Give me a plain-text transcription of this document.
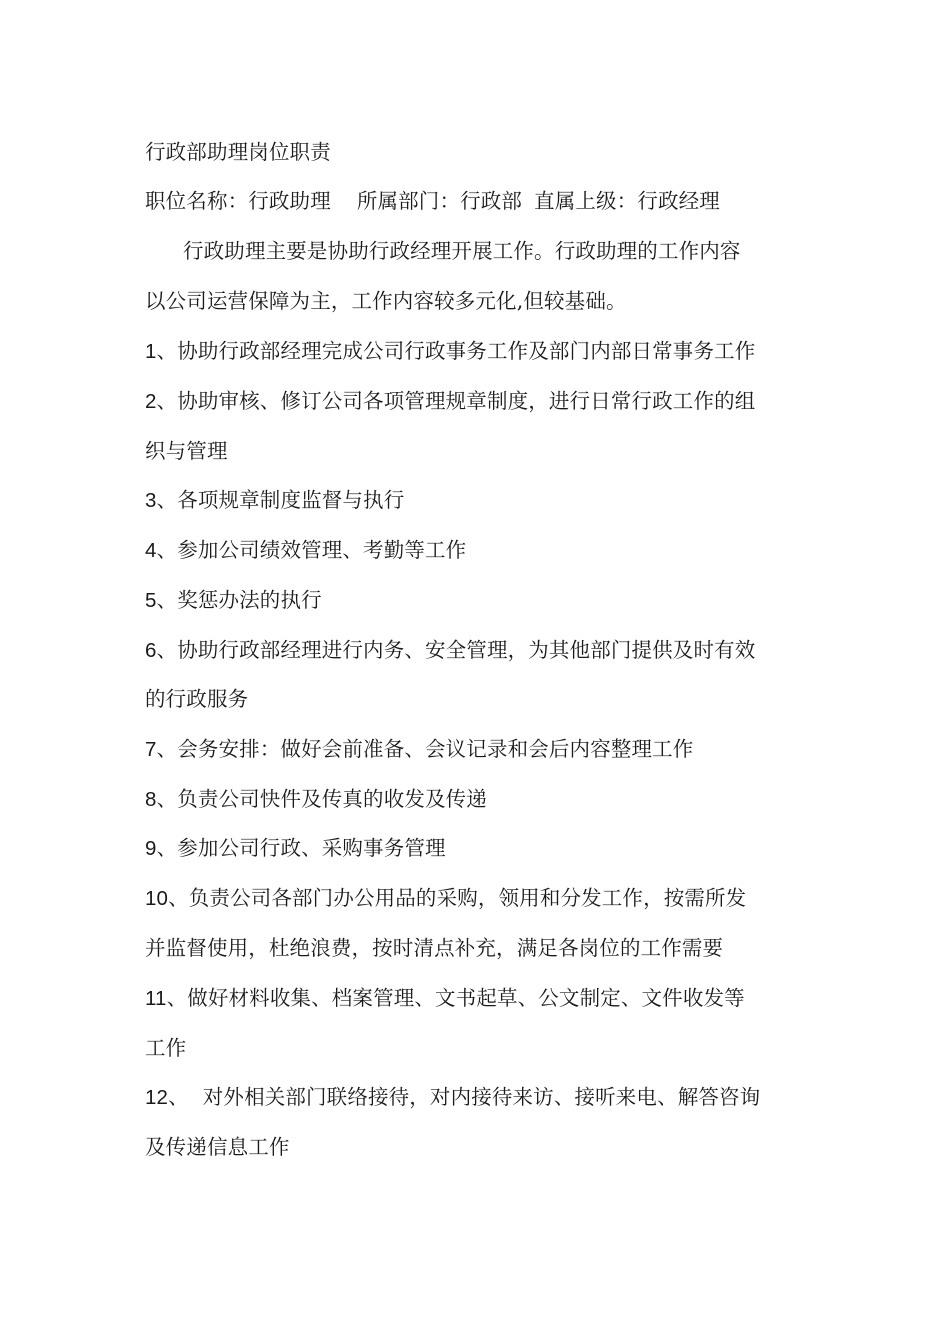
行政部助理岗位职责

职位名称：行政助理 所属部门：行政部 直属上级：行政经理

行政助理主要是协助行政经理开展工作。行政助理的工作内容

以公司运营保障为主，工作内容较多元化,但较基础。

1、协助行政部经理完成公司行政事务工作及部门内部日常事务工作

2、协助审核、修订公司各项管理规章制度，进行日常行政工作的组

织与管理

3、各项规章制度监督与执行

4、参加公司绩效管理、考勤等工作

5、奖惩办法的执行

6、协助行政部经理进行内务、安全管理，为其他部门提供及时有效

的行政服务

7、会务安排：做好会前准备、会议记录和会后内容整理工作

8、负责公司快件及传真的收发及传递

9、参加公司行政、采购事务管理

10、负责公司各部门办公用品的采购，领用和分发工作，按需所发

并监督使用，杜绝浪费，按时清点补充，满足各岗位的工作需要

11、做好材料收集、档案管理、文书起草、公文制定、文件收发等

工作

12、 对外相关部门联络接待，对内接待来访、接听来电、解答咨询

及传递信息工作
